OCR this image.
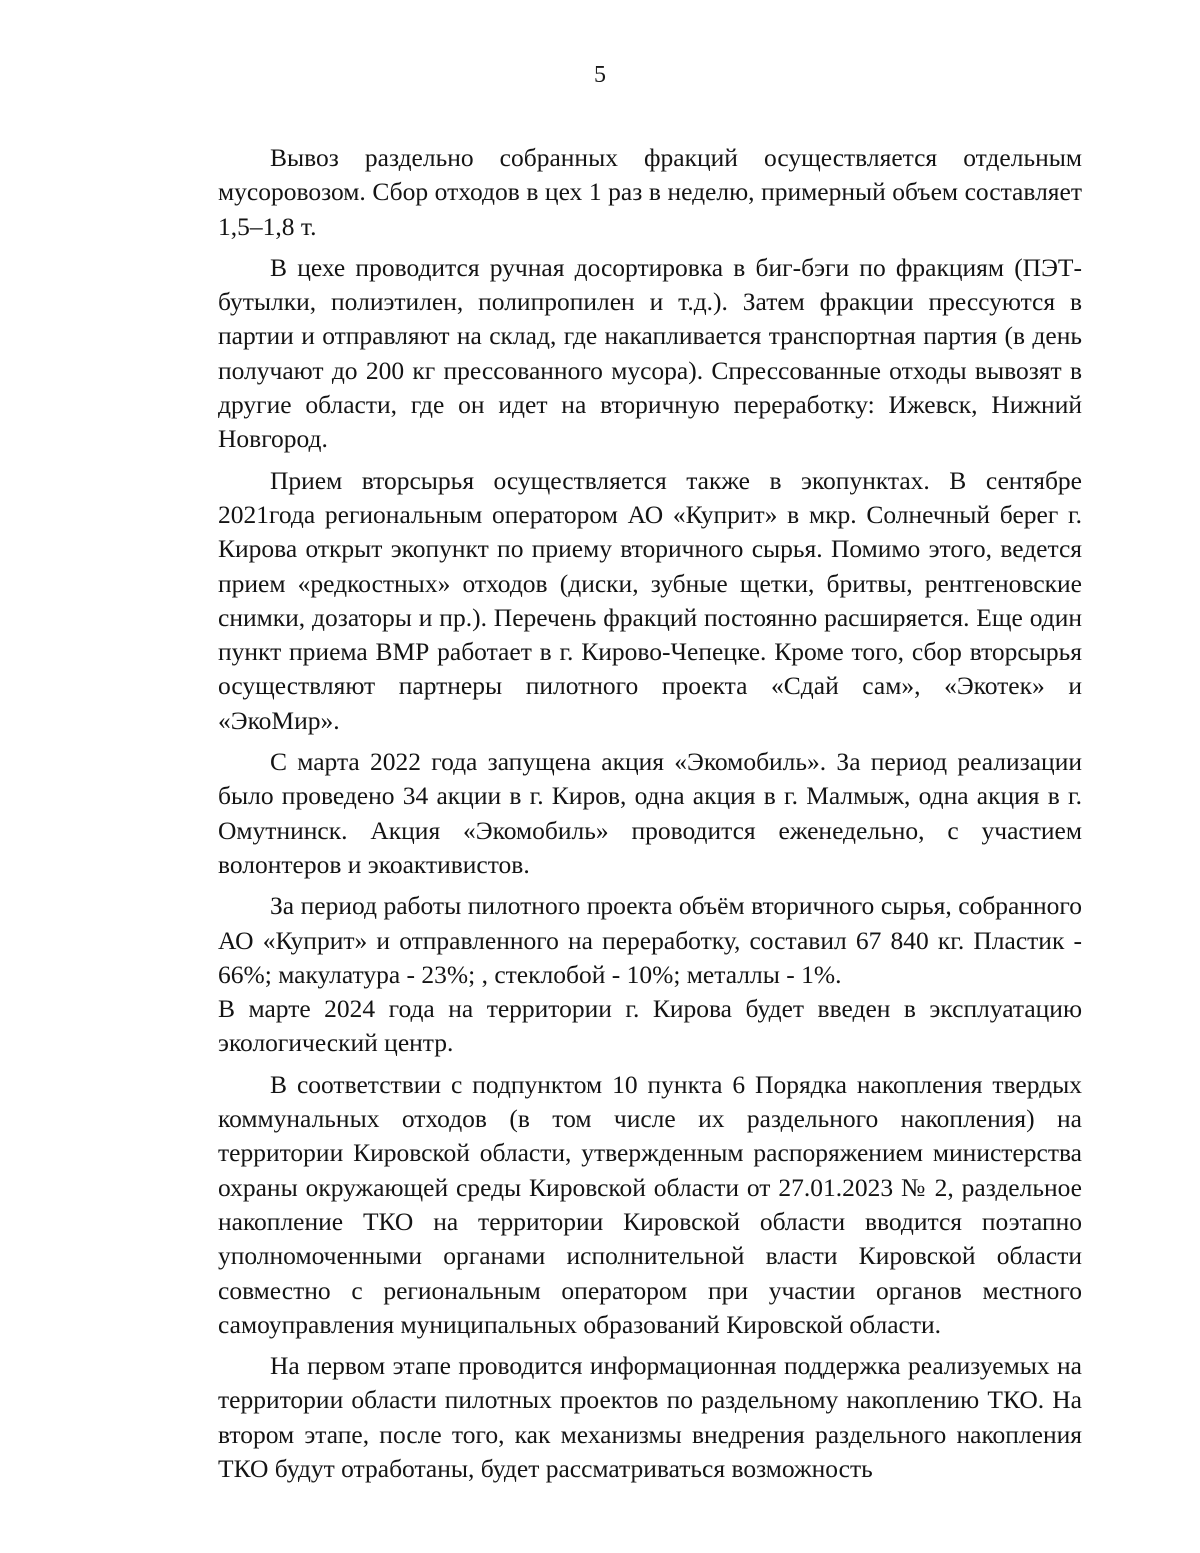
5

Вывоз раздельно собранных фракций осуществляется отдельным мусоровозом. Сбор отходов в цех 1 раз в неделю, примерный объем составляет 1,5–1,8 т.

В цехе проводится ручная досортировка в биг-бэги по фракциям (ПЭТ-бутылки, полиэтилен, полипропилен и т.д.). Затем фракции прессуются в партии и отправляют на склад, где накапливается транспортная партия (в день получают до 200 кг прессованного мусора). Спрессованные отходы вывозят в другие области, где он идет на вторичную переработку: Ижевск, Нижний Новгород.

Прием вторсырья осуществляется также в экопунктах. В сентябре 2021года региональным оператором АО «Куприт» в мкр. Солнечный берег г. Кирова открыт экопункт по приему вторичного сырья. Помимо этого, ведется прием «редкостных» отходов (диски, зубные щетки, бритвы, рентгеновские снимки, дозаторы и пр.). Перечень фракций постоянно расширяется. Еще один пункт приема ВМР работает в г. Кирово-Чепецке. Кроме того, сбор вторсырья осуществляют партнеры пилотного проекта «Сдай сам», «Экотек» и «ЭкоМир».

С марта 2022 года запущена акция «Экомобиль». За период реализации было проведено 34 акции в г. Киров, одна акция в г. Малмыж, одна акция в г. Омутнинск. Акция «Экомобиль» проводится еженедельно, с участием волонтеров и экоактивистов.

За период работы пилотного проекта объём вторичного сырья, собранного АО «Куприт» и отправленного на переработку, составил 67 840 кг. Пластик - 66%; макулатура - 23%; , стеклобой - 10%; металлы - 1%.

В марте 2024 года на территории г. Кирова будет введен в эксплуатацию экологический центр.

В соответствии с подпунктом 10 пункта 6 Порядка накопления твердых коммунальных отходов (в том числе их раздельного накопления) на территории Кировской области, утвержденным распоряжением министерства охраны окружающей среды Кировской области от 27.01.2023 № 2, раздельное накопление ТКО на территории Кировской области вводится поэтапно уполномоченными органами исполнительной власти Кировской области совместно с региональным оператором при участии органов местного самоуправления муниципальных образований Кировской области.

На первом этапе проводится информационная поддержка реализуемых на территории области пилотных проектов по раздельному накоплению ТКО. На втором этапе, после того, как механизмы внедрения раздельного накопления ТКО будут отработаны, будет рассматриваться возможность
